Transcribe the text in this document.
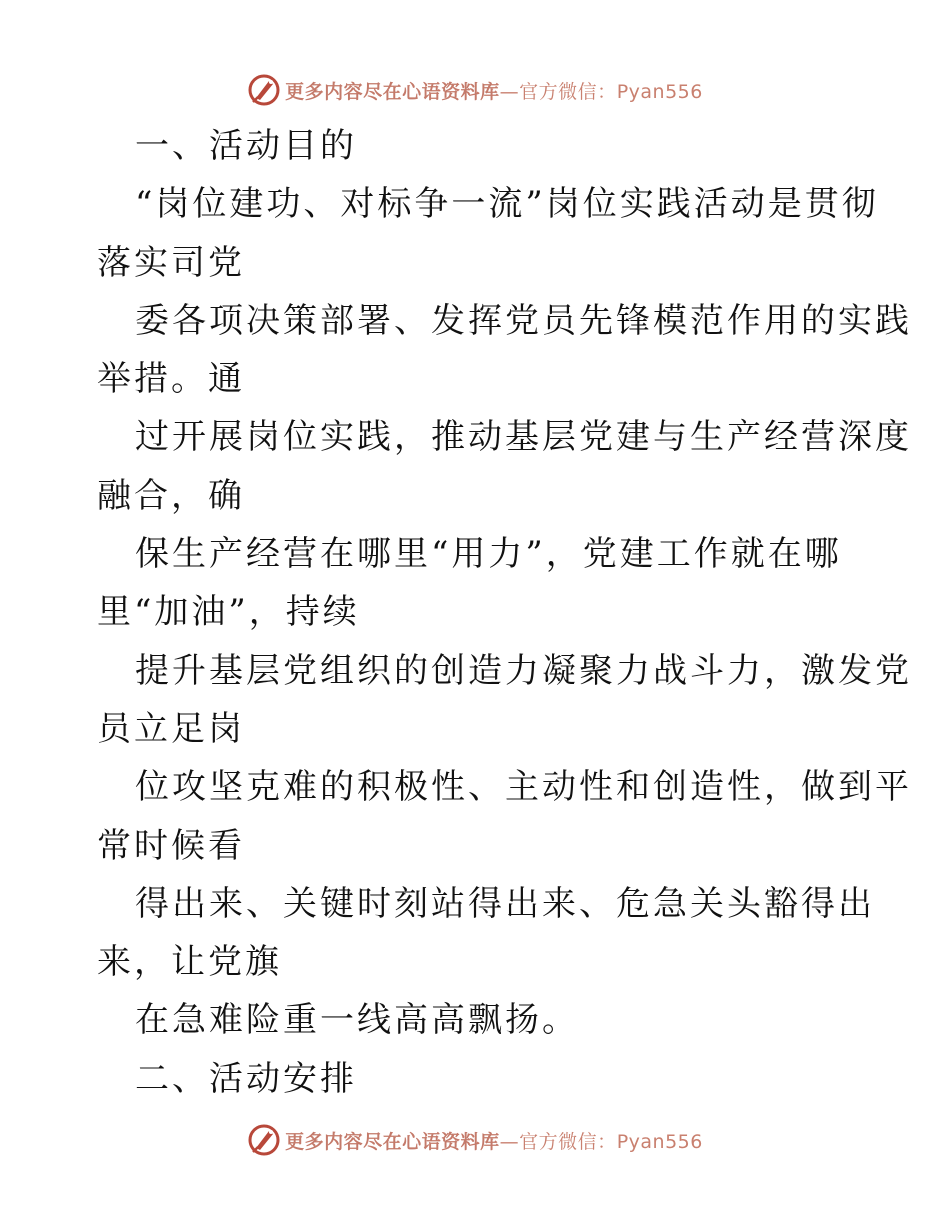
更多内容尽在心语资料库—官方微信：Pyan556
一、活动目的
“岗位建功、对标争一流”岗位实践活动是贯彻
落实司党
委各项决策部署、发挥党员先锋模范作用的实践
举措。通
过开展岗位实践，推动基层党建与生产经营深度
融合，确
保生产经营在哪里“用力”，党建工作就在哪
里“加油”，持续
提升基层党组织的创造力凝聚力战斗力，激发党
员立足岗
位攻坚克难的积极性、主动性和创造性，做到平
常时候看
得出来、关键时刻站得出来、危急关头豁得出
来，让党旗
在急难险重一线高高飘扬。
二、活动安排
更多内容尽在心语资料库—官方微信：Pyan556
